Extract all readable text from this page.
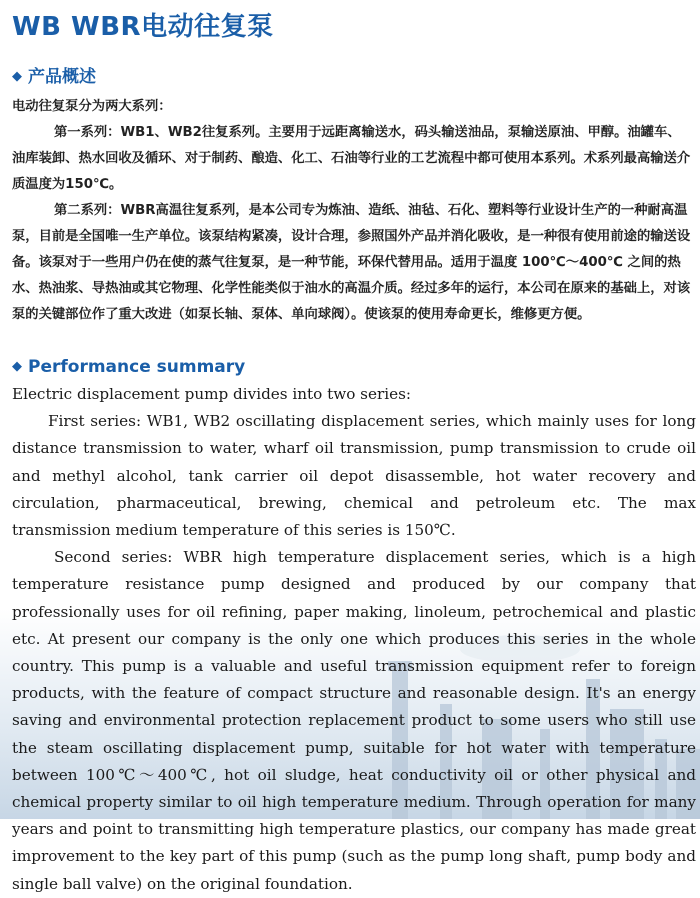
WB WBR电动往复泵
◆ 产品概述

电动往复泵分为两大系列：

第一系列：WB1、WB2往复系列。主要用于远距离输送水，码头输送油品，泵输送原油、甲醇。油罐车、油库装卸、热水回收及循环、对于制药、酿造、化工、石油等行业的工艺流程中都可使用本系列。术系列最高输送介质温度为150℃。

第二系列：WBR高温往复系列，是本公司专为炼油、造纸、油毡、石化、塑料等行业设计生产的一种耐高温泵，目前是全国唯一生产单位。该泵结构紧凑，设计合理，参照国外产品并消化吸收，是一种很有使用前途的输送设备。该泵对于一些用户仍在使的蒸气往复泵，是一种节能，环保代替用品。适用于温度 100℃～400℃ 之间的热水、热油浆、导热油或其它物理、化学性能类似于油水的高温介质。经过多年的运行，本公司在原来的基础上，对该泵的关键部位作了重大改进（如泵长轴、泵体、单向球阀）。使该泵的使用寿命更长，维修更方便。

◆ Performance summary

Electric displacement pump divides into two series:

First series: WB1, WB2 oscillating displacement series, which mainly uses for long distance transmission to water, wharf oil transmission, pump transmission to crude oil and methyl alcohol, tank carrier oil depot disassemble, hot water recovery and circulation, pharmaceutical, brewing, chemical and petroleum etc. The max transmission medium temperature of this series is 150℃.

Second series: WBR high temperature displacement series, which is a high temperature resistance pump designed and produced by our company that professionally uses for oil refining, paper making, linoleum, petrochemical and plastic etc. At present our company is the only one which produces this series in the whole country. This pump is a valuable and useful transmission equipment refer to foreign products, with the feature of compact structure and reasonable design. It's an energy saving and environmental protection replacement product to some users who still use the steam oscillating displacement pump, suitable for hot water with temperature between 100℃～400℃, hot oil sludge, heat conductivity oil or other physical and chemical property similar to oil high temperature medium. Through operation for many years and point to transmitting high temperature plastics, our company has made great improvement to the key part of this pump (such as the pump long shaft, pump body and single ball valve) on the original foundation.
